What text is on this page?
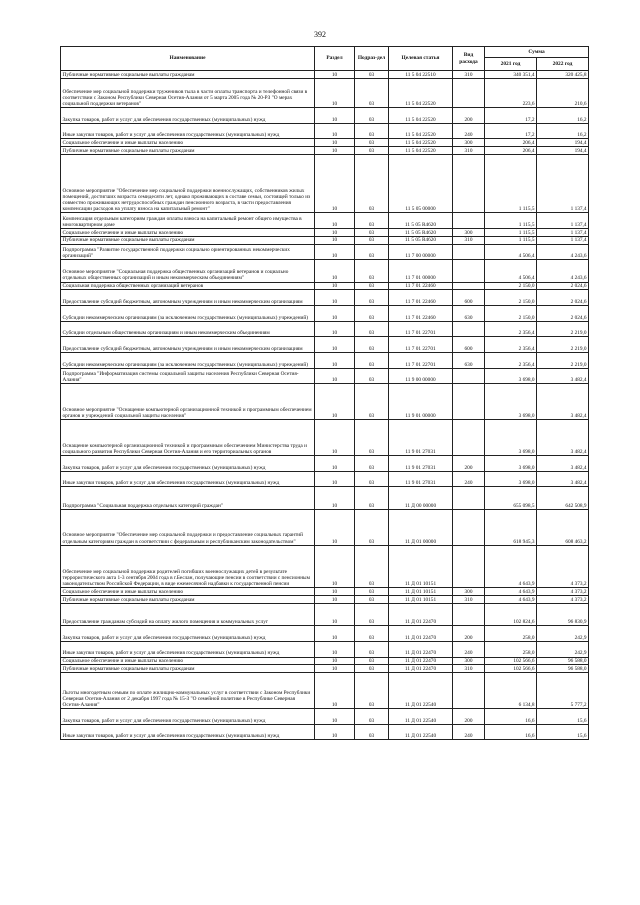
392
Наименование	Раздел	Подраз-дел	Целевая статья	Вид расхода	Сумма	
					2021 год	2022 год
Публичные нормативные социальные выплаты гражданам	10	03	11 5 04 22510	310	340 351,4	320 425,8
Обеспечение мер социальной поддержки тружеников тыла в части оплаты транспорта и телефонной связи в соответствии с Законом Республики Северная Осетия-Алания от 5 марта 2005 года № 20-РЗ "О мерах социальной поддержки ветеранов"	10	03	11 5 04 22520		223,6	210,6
Закупка товаров, работ и услуг для обеспечения государственных (муниципальных) нужд	10	03	11 5 04 22520	200	17,2	16,2
Иные закупки товаров, работ и услуг для обеспечения государственных (муниципальных) нужд	10	03	11 5 04 22520	240	17,2	16,2
Социальное обеспечение и иные выплаты населению	10	03	11 5 04 22520	300	206,4	194,4
Публичные нормативные социальные выплаты гражданам	10	03	11 5 04 22520	310	206,4	194,4
Основное мероприятие "Обеспечение мер социальной поддержки военнослужащих, собственников жилых помещений, достигших возраста семидесяти лет, однако проживающих в составе семьи, состоящей только из совместно проживающих нетрудоспособных граждан пенсионного возраста, в части предоставления компенсации расходов на уплату взноса на капитальный ремонт"	10	03	11 5 05 00000		1 115,5	1 137,4
Компенсация отдельным категориям граждан оплаты взноса на капитальный ремонт общего имущества в многоквартирном доме	10	03	11 5 05 R4620		1 115,5	1 137,4
Социальное обеспечение и иные выплаты населению	10	03	11 5 05 R4620	300	1 115,5	1 137,4
Публичные нормативные социальные выплаты гражданам	10	03	11 5 05 R4620	310	1 115,5	1 137,4
Подпрограмма "Развитие государственной поддержки социально ориентированных некоммерческих организаций"	10	03	11 7 00 00000		4 506,4	4 243,6
Основное мероприятие "Социальная поддержка общественных организаций ветеранов и социально отдельных общественных организаций и иным некоммерческим объединениям"	10	03	11 7 01 00000		4 506,4	4 243,6
Социальная поддержка общественных организаций ветеранов	10	03	11 7 01 22460		2 150,0	2 024,6
Предоставление субсидий бюджетным, автономным учреждениям и иным некоммерческим организациям	10	03	11 7 01 22460	600	2 150,0	2 024,6
Субсидии некоммерческим организациям (за исключением государственных (муниципальных) учреждений)	10	03	11 7 01 22460	630	2 150,0	2 024,6
Субсидии отдельным общественным организациям и иным некоммерческим объединениям	10	03	11 7 01 22701		2 356,4	2 219,0
Предоставление субсидий бюджетным, автономным учреждениям и иным некоммерческим организациям	10	03	11 7 01 22701	600	2 356,4	2 219,0
Субсидии некоммерческим организациям (за исключением государственных (муниципальных) учреждений)	10	03	11 7 01 22701	630	2 356,4	2 219,0
Подпрограмма "Информатизация системы социальной защиты населения Республики Северная Осетия-Алания"	10	03	11 9 00 00000		3 698,0	3 482,4
Основное мероприятие "Оснащение компьютерной организационной техникой и программным обеспечением органов и учреждений социальной защиты населения"	10	03	11 9 01 00000		3 698,0	3 482,4
Оснащение компьютерной организационной техникой и программным обеспечением Министерства труда и социального развития Республики Северная Осетия-Алания и его территориальных органов	10	03	11 9 01 27031		3 698,0	3 482,4
Закупка товаров, работ и услуг для обеспечения государственных (муниципальных) нужд	10	03	11 9 01 27031	200	3 698,0	3 482,4
Иные закупки товаров, работ и услуг для обеспечения государственных (муниципальных) нужд	10	03	11 9 01 27031	240	3 698,0	3 482,4
Подпрограмма "Социальная поддержка отдельных категорий граждан"	10	03	11 Д 00 00000		655 098,5	642 508,9
Основное мероприятие "Обеспечение мер социальной поддержки и предоставление социальных гарантий отдельным категориям граждан в соответствии с федеральным и республиканским законодательством"	10	03	11 Д 01 00000		618 945,3	608 463,2
Обеспечение мер социальной поддержки родителей погибших военнослужащих детей в результате террористического акта 1-3 сентября 2004 года в г.Беслан, получающие пенсии в соответствии с пенсионным законодательством Российской Федерации, в виде ежемесячной надбавки к государственной пенсии	10	03	11 Д 01 10151		4 643,9	4 373,2
Социальное обеспечение и иные выплаты населению	10	03	11 Д 01 10151	300	4 643,9	4 373,2
Публичные нормативные социальные выплаты гражданам	10	03	11 Д 01 10151	310	4 643,9	4 373,2
Предоставление гражданам субсидий на оплату жилого помещения и коммунальных услуг	10	03	11 Д 01 22470		102 824,6	96 830,9
Закупка товаров, работ и услуг для обеспечения государственных (муниципальных) нужд	10	03	11 Д 01 22470	200	258,0	242,9
Иные закупки товаров, работ и услуг для обеспечения государственных (муниципальных) нужд	10	03	11 Д 01 22470	240	258,0	242,9
Социальное обеспечение и иные выплаты населению	10	03	11 Д 01 22470	300	102 566,6	96 588,0
Публичные нормативные социальные выплаты гражданам	10	03	11 Д 01 22470	310	102 566,6	96 588,0
Льготы многодетным семьям по оплате жилищно-коммунальных услуг в соответствии с Законом Республики Северная Осетия-Алания от 2 декабря 1997 года № 15-З "О семейной политике в Республике Северная Осетия-Алания"	10	03	11 Д 01 22540		6 134,8	5 777,2
Закупка товаров, работ и услуг для обеспечения государственных (муниципальных) нужд	10	03	11 Д 01 22540	200	16,6	15,6
Иные закупки товаров, работ и услуг для обеспечения государственных (муниципальных) нужд	10	03	11 Д 01 22540	240	16,6	15,6
